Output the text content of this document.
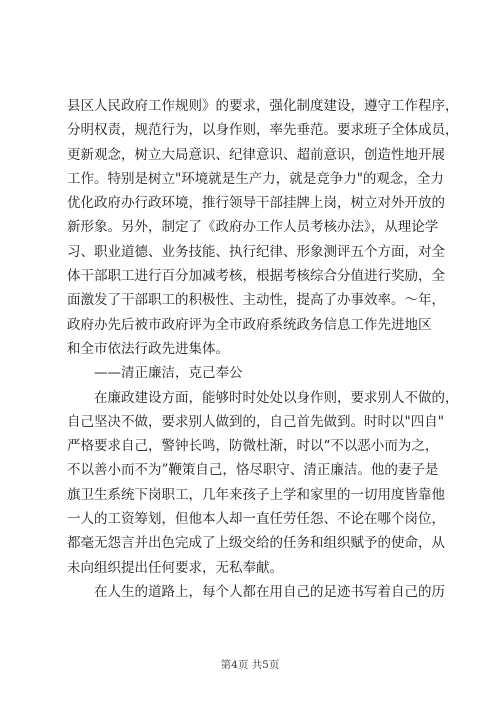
县区人民政府工作规则》的要求，强化制度建设，遵守工作程序，
分明权责，规范行为，以身作则，率先垂范。要求班子全体成员，
更新观念，树立大局意识、纪律意识、超前意识，创造性地开展
工作。特别是树立"环境就是生产力，就是竞争力"的观念，全力
优化政府办行政环境，推行领导干部挂牌上岗，树立对外开放的
新形象。另外，制定了《政府办工作人员考核办法》，从理论学
习、职业道德、业务技能、执行纪律、形象测评五个方面，对全
体干部职工进行百分加减考核，根据考核综合分值进行奖励，全
面激发了干部职工的积极性、主动性，提高了办事效率。～年，
政府办先后被市政府评为全市政府系统政务信息工作先进地区
和全市依法行政先进集体。
——清正廉洁，克己奉公
在廉政建设方面，能够时时处处以身作则，要求别人不做的，
自己坚决不做，要求别人做到的，自己首先做到。时时以"四自"
严格要求自己，警钟长鸣，防微杜渐，时以“不以恶小而为之，
不以善小而不为”鞭策自己，恪尽职守、清正廉洁。他的妻子是
旗卫生系统下岗职工，几年来孩子上学和家里的一切用度皆靠他
一人的工资筹划，但他本人却一直任劳任怨、不论在哪个岗位，
都毫无怨言并出色完成了上级交给的任务和组织赋予的使命，从
未向组织提出任何要求，无私奉献。
在人生的道路上，每个人都在用自己的足迹书写着自己的历
第4页 共5页
